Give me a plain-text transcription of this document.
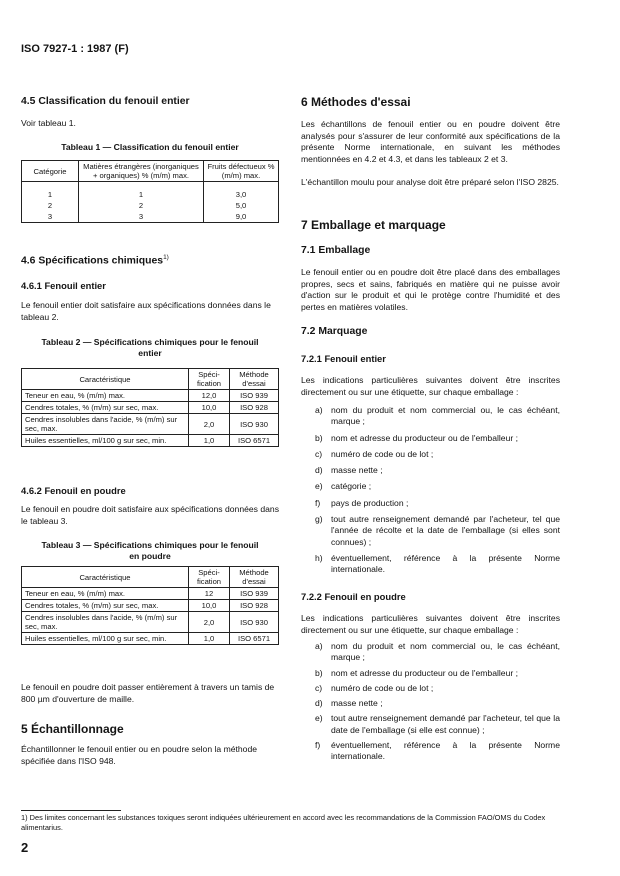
ISO 7927-1 : 1987 (F)
4.5 Classification du fenouil entier

Voir tableau 1.

Tableau 1 — Classification du fenouil entier
Catégorie	Matières étrangères (inorganiques + organiques) % (m/m) max.	Fruits défectueux % (m/m) max.
1	1	3,0
2	2	5,0
3	3	9,0
4.6 Spécifications chimiques$^{1)}$
4.6.1 Fenouil entier

Le fenouil entier doit satisfaire aux spécifications données dans le tableau 2.

Tableau 2 — Spécifications chimiques pour le fenouil entier
Caractéristique	Spéci-fication	Méthode d'essai
Teneur en eau, % (m/m) max.	12,0	ISO 939
Cendres totales, % (m/m) sur sec, max.	10,0	ISO 928
Cendres insolubles dans l'acide, % (m/m) sur sec, max.	2,0	ISO 930
Huiles essentielles, ml/100 g sur sec, min.	1,0	ISO 6571
4.6.2 Fenouil en poudre

Le fenouil en poudre doit satisfaire aux spécifications données dans le tableau 3.

Tableau 3 — Spécifications chimiques pour le fenouil en poudre
Caractéristique	Spéci-fication	Méthode d'essai
Teneur en eau, % (m/m) max.	12	ISO 939
Cendres totales, % (m/m) sur sec, max.	10,0	ISO 928
Cendres insolubles dans l'acide, % (m/m) sur sec, max.	2,0	ISO 930
Huiles essentielles, ml/100 g sur sec, min.	1,0	ISO 6571

Le fenouil en poudre doit passer entièrement à travers un tamis de 800 µm d'ouverture de maille.

5 Échantillonnage

Échantillonner le fenouil entier ou en poudre selon la méthode spécifiée dans l'ISO 948.

6 Méthodes d'essai

Les échantillons de fenouil entier ou en poudre doivent être analysés pour s'assurer de leur conformité aux spécifications de la présente Norme internationale, en suivant les méthodes mentionnées en 4.2 et 4.3, et dans les tableaux 2 et 3.

L'échantillon moulu pour analyse doit être préparé selon l'ISO 2825.

7 Emballage et marquage
7.1 Emballage

Le fenouil entier ou en poudre doit être placé dans des emballages propres, secs et sains, fabriqués en matière qui ne puisse avoir d'action sur le produit et qui le protège contre l'humidité et des pertes en matières volatiles.

7.2 Marquage
7.2.1 Fenouil entier

Les indications particulières suivantes doivent être inscrites directement ou sur une étiquette, sur chaque emballage :

a) nom du produit et nom commercial ou, le cas échéant, marque ;
b) nom et adresse du producteur ou de l'emballeur ;
c)	numéro de code ou de lot ;
d) masse nette ;
e) catégorie ;
f)	pays de production ;
g) tout autre renseignement demandé par l'acheteur, tel que l'année de récolte et la date de l'emballage (si elles sont connues) ;
h) éventuellement, référence à la présente Norme internationale.
7.2.2 Fenouil en poudre

Les indications particulières suivantes doivent être inscrites directement ou sur une étiquette, sur chaque emballage :

a) nom du produit et nom commercial ou, le cas échéant, marque ;
b) nom et adresse du producteur ou de l'emballeur ;
c)	numéro de code ou de lot ;
d) masse nette ;
e) tout autre renseignement demandé par l'acheteur, tel que la date de l'emballage (si elle est connue) ;
f)	éventuellement, référence à la présente Norme internationale.
1) Des limites concernant les substances toxiques seront indiquées ultérieurement en accord avec les recommandations de la Commission FAO/OMS du Codex alimentarius.
2
